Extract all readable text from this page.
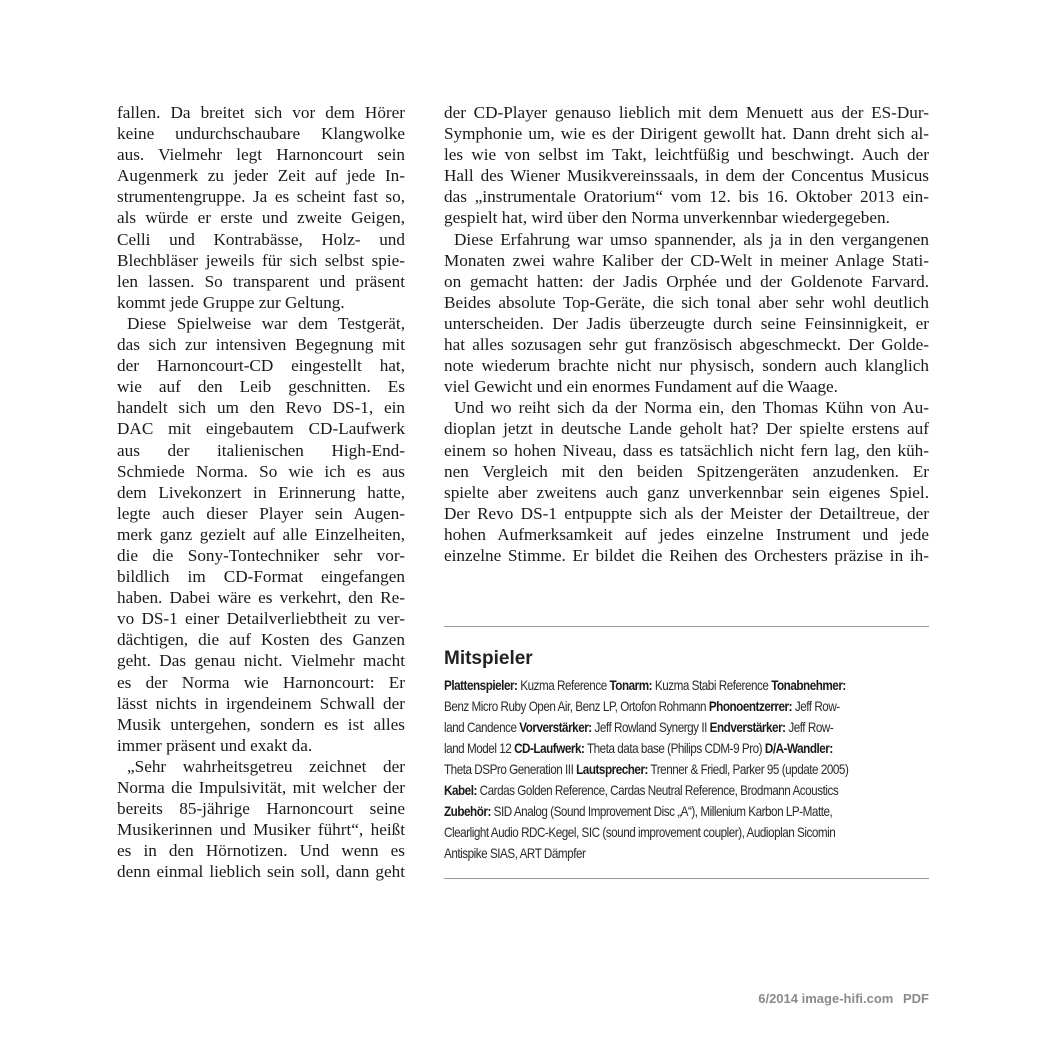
fallen. Da breitet sich vor dem Hörer
keine undurchschaubare Klangwolke
aus. Vielmehr legt Harnoncourt sein
Augenmerk zu jeder Zeit auf jede In-
strumentengruppe. Ja es scheint fast so,
als würde er erste und zweite Geigen,
Celli und Kontrabässe, Holz- und
Blechbläser jeweils für sich selbst spie-
len lassen. So transparent und präsent
kommt jede Gruppe zur Geltung.
Diese Spielweise war dem Testgerät,
das sich zur intensiven Begegnung mit
der Harnoncourt-CD eingestellt hat,
wie auf den Leib geschnitten. Es
handelt sich um den Revo DS-1, ein
DAC mit eingebautem CD-Laufwerk
aus der italienischen High-End-
Schmiede Norma. So wie ich es aus
dem Livekonzert in Erinnerung hatte,
legte auch dieser Player sein Augen-
merk ganz gezielt auf alle Einzelheiten,
die die Sony-Tontechniker sehr vor-
bildlich im CD-Format eingefangen
haben. Dabei wäre es verkehrt, den Re-
vo DS-1 einer Detailverliebtheit zu ver-
dächtigen, die auf Kosten des Ganzen
geht. Das genau nicht. Vielmehr macht
es der Norma wie Harnoncourt: Er
lässt nichts in irgendeinem Schwall der
Musik untergehen, sondern es ist alles
immer präsent und exakt da.
„Sehr wahrheitsgetreu zeichnet der
Norma die Impulsivität, mit welcher der
bereits 85-jährige Harnoncourt seine
Musikerinnen und Musiker führt“, heißt
es in den Hörnotizen. Und wenn es
denn einmal lieblich sein soll, dann geht
der CD-Player genauso lieblich mit dem Menuett aus der ES-Dur-
Symphonie um, wie es der Dirigent gewollt hat. Dann dreht sich al-
les wie von selbst im Takt, leichtfüßig und beschwingt. Auch der
Hall des Wiener Musikvereinssaals, in dem der Concentus Musicus
das „instrumentale Oratorium“ vom 12. bis 16. Oktober 2013 ein-
gespielt hat, wird über den Norma unverkennbar wiedergegeben.
Diese Erfahrung war umso spannender, als ja in den vergangenen
Monaten zwei wahre Kaliber der CD-Welt in meiner Anlage Stati-
on gemacht hatten: der Jadis Orphée und der Goldenote Farvard.
Beides absolute Top-Geräte, die sich tonal aber sehr wohl deutlich
unterscheiden. Der Jadis überzeugte durch seine Feinsinnigkeit, er
hat alles sozusagen sehr gut französisch abgeschmeckt. Der Golde-
note wiederum brachte nicht nur physisch, sondern auch klanglich
viel Gewicht und ein enormes Fundament auf die Waage.
Und wo reiht sich da der Norma ein, den Thomas Kühn von Au-
dioplan jetzt in deutsche Lande geholt hat? Der spielte erstens auf
einem so hohen Niveau, dass es tatsächlich nicht fern lag, den küh-
nen Vergleich mit den beiden Spitzengeräten anzudenken. Er
spielte aber zweitens auch ganz unverkennbar sein eigenes Spiel.
Der Revo DS-1 entpuppte sich als der Meister der Detailtreue, der
hohen Aufmerksamkeit auf jedes einzelne Instrument und jede
einzelne Stimme. Er bildet die Reihen des Orchesters präzise in ih-
Mitspieler
Plattenspieler: Kuzma Reference Tonarm: Kuzma Stabi Reference Tonabnehmer:
Benz Micro Ruby Open Air, Benz LP, Ortofon Rohmann Phonoentzerrer: Jeff Row-
land Candence Vorverstärker: Jeff Rowland Synergy II Endverstärker: Jeff Row-
land Model 12 CD-Laufwerk: Theta data base (Philips CDM-9 Pro) D/A-Wandler:
Theta DSPro Generation III Lautsprecher: Trenner & Friedl, Parker 95 (update 2005)
Kabel: Cardas Golden Reference, Cardas Neutral Reference, Brodmann Acoustics
Zubehör: SID Analog (Sound Improvement Disc „A“), Millenium Karbon LP-Matte,
Clearlight Audio RDC-Kegel, SIC (sound improvement coupler), Audioplan Sicomin
Antispike SIAS, ART Dämpfer
6/2014 image-hifi.com PDF
